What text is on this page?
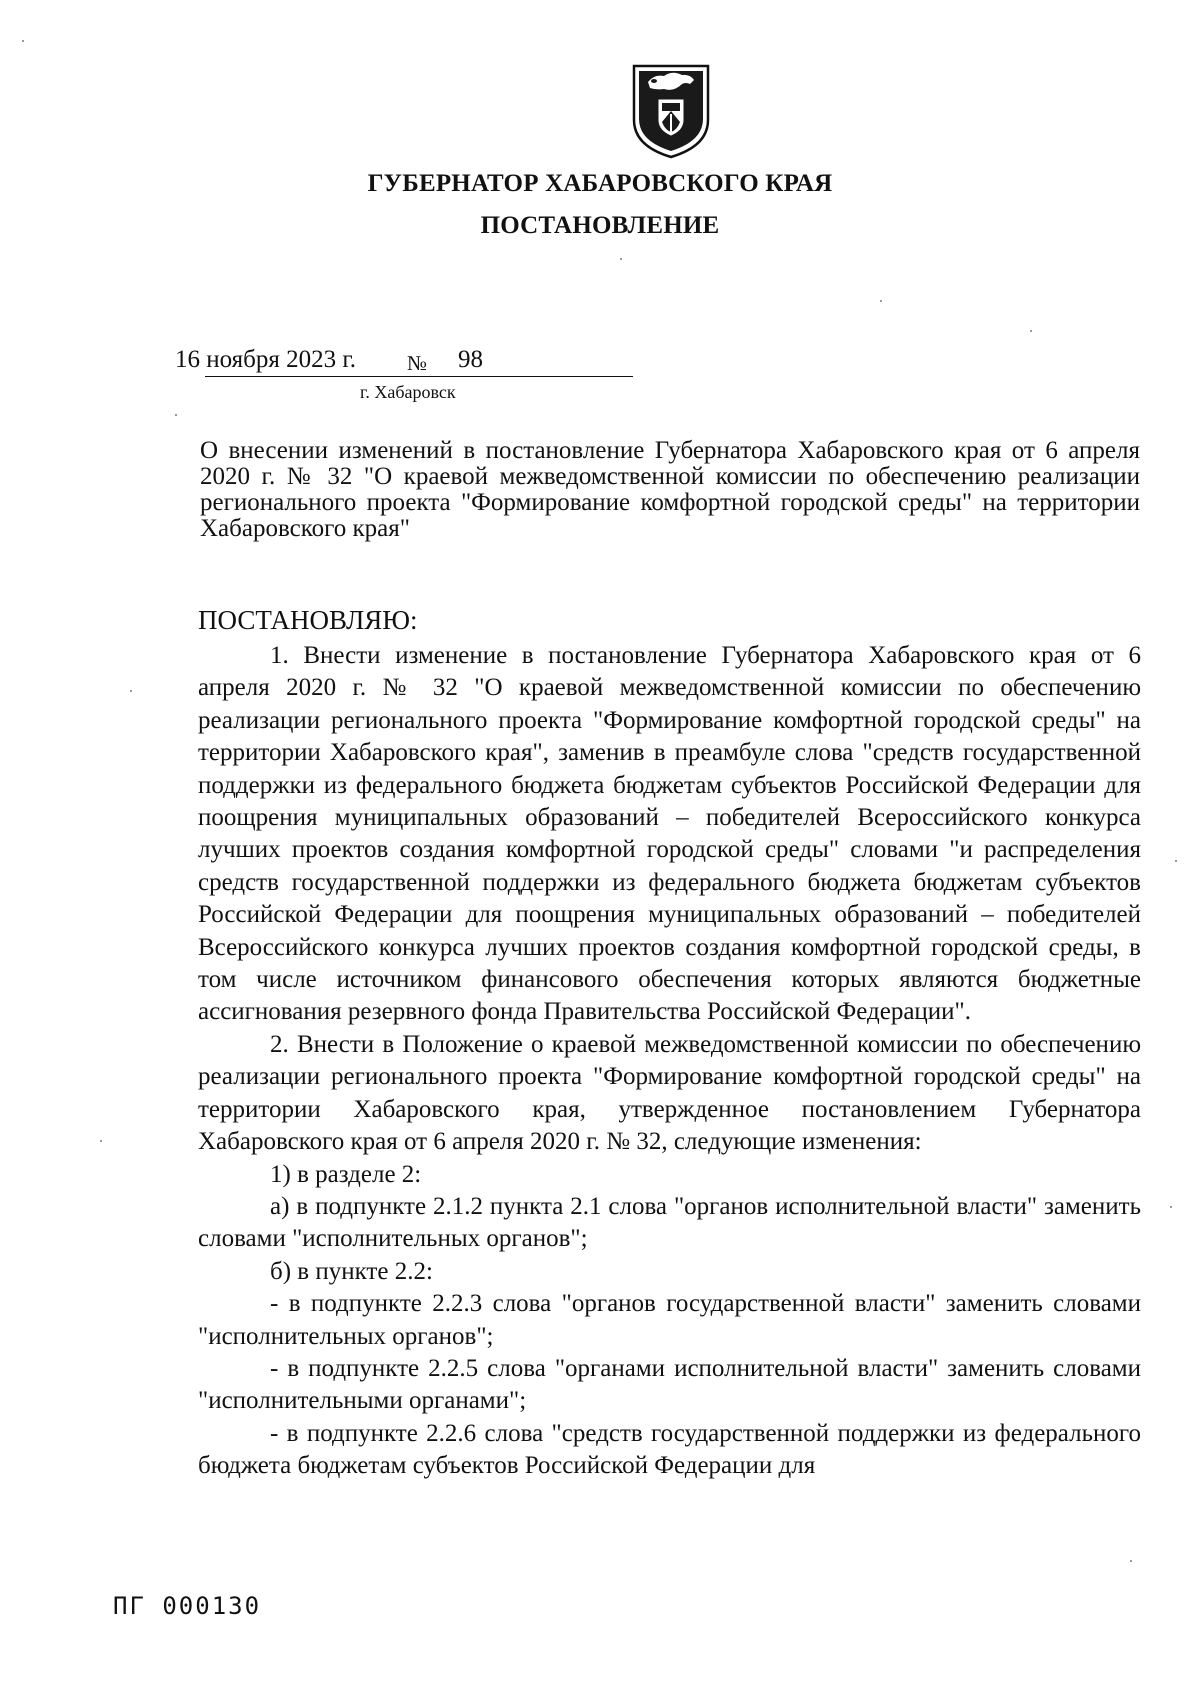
ГУБЕРНАТОР ХАБАРОВСКОГО КРАЯ
ПОСТАНОВЛЕНИЕ
16 ноября 2023 г. № 98
г. Хабаровск
О внесении изменений в постановление Губернатора Хабаровского края от 6 апреля 2020 г. № 32 "О краевой межведомственной комиссии по обеспечению реализации регионального проекта "Формирование комфортной городской среды" на территории Хабаровского края"
ПОСТАНОВЛЯЮ:

1. Внести изменение в постановление Губернатора Хабаровского края от 6 апреля 2020 г. № 32 "О краевой межведомственной комиссии по обеспечению реализации регионального проекта "Формирование комфортной городской среды" на территории Хабаровского края", заменив в преамбуле слова "средств государственной поддержки из федерального бюджета бюджетам субъектов Российской Федерации для поощрения муниципальных образований – победителей Всероссийского конкурса лучших проектов создания комфортной городской среды" словами "и распределения средств государственной поддержки из федерального бюджета бюджетам субъектов Российской Федерации для поощрения муниципальных образований – победителей Всероссийского конкурса лучших проектов создания комфортной городской среды, в том числе источником финансового обеспечения которых являются бюджетные ассигнования резервного фонда Правительства Российской Федерации".

2. Внести в Положение о краевой межведомственной комиссии по обеспечению реализации регионального проекта "Формирование комфортной городской среды" на территории Хабаровского края, утвержденное постановлением Губернатора Хабаровского края от 6 апреля 2020 г. № 32, следующие изменения:

1) в разделе 2:

а) в подпункте 2.1.2 пункта 2.1 слова "органов исполнительной власти" заменить словами "исполнительных органов";

б) в пункте 2.2:

- в подпункте 2.2.3 слова "органов государственной власти" заменить словами "исполнительных органов";

- в подпункте 2.2.5 слова "органами исполнительной власти" заменить словами "исполнительными органами";

- в подпункте 2.2.6 слова "средств государственной поддержки из федерального бюджета бюджетам субъектов Российской Федерации для

ПГ 000130
